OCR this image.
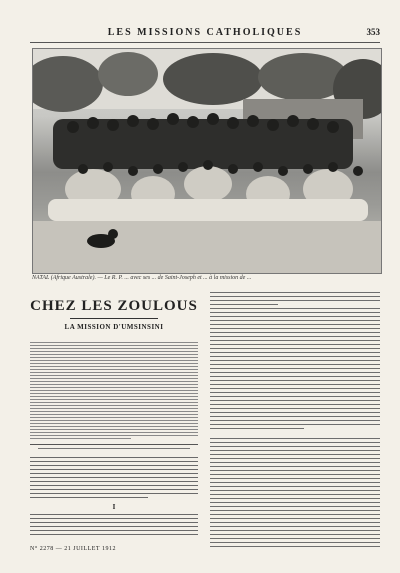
LES MISSIONS CATHOLIQUES	353
NATAL (Afrique Australe). — Le R. P. ... avec ses ... de Saint-Joseph et ... à la mission de ...
CHEZ LES ZOULOUS
LA MISSION D'UMSINSINI
I
N° 2278 — 21 JUILLET 1912
